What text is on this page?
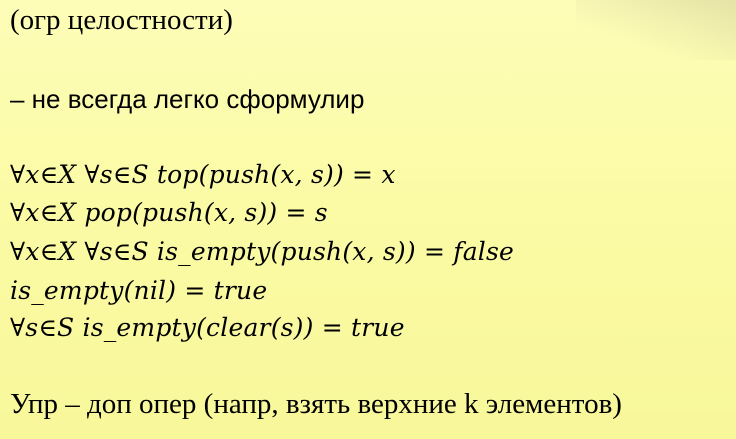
(огр целостности)
– не всегда легко сформулир
∀x∈X ∀s∈S top(push(x, s)) = x
∀x∈X pop(push(x, s)) = s
∀x∈X ∀s∈S is_empty(push(x, s)) = false
is_empty(nil) = true
∀s∈S is_empty(clear(s)) = true
Упр – доп опер (напр, взять верхние k элементов)
